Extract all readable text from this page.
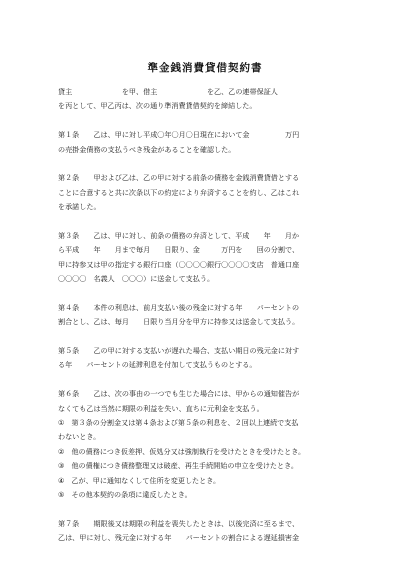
準金銭消費貸借契約書
貸主　　　　　　　を甲、借主　　　　　　　を乙、乙の連帯保証人
を丙として、甲乙丙は、次の通り準消費貸借契約を締結した。
第１条　　乙は、甲に対し平成〇年〇月〇日現在において金　　　　　万円
の売掛金債務の支払うべき残金があることを確認した。
第２条　　甲および乙は、乙の甲に対する前条の債務を金銭消費貸借とする
ことに合意すると共に次条以下の約定により弁済することを約し、乙はこれ
を承諾した。
第３条　　乙は、甲に対し、前条の債務の弁済として、平成　　年　　月か
ら平成　　年　　月まで毎月　　日限り、金　　　万円を　　回の分割で、
甲に持参又は甲の指定する銀行口座（〇〇〇〇銀行〇〇〇〇支店　普通口座
〇〇〇〇　名義人　〇〇〇）に送金して支払う。
第４条　　本件の利息は、前月支払い後の残金に対する年　　パーセントの
割合とし、乙は、毎月　　日限り当月分を甲方に持参又は送金して支払う。
第５条　　乙の甲に対する支払いが遅れた場合、支払い期日の残元金に対す
る年　　パーセントの延滞利息を付加して支払うものとする。
第６条　　乙は、次の事由の一つでも生じた場合には、甲からの通知催告が
なくても乙は当然に期限の利益を失い、直ちに元利金を支払う。
①　第３条の分割金又は第４条および第５条の利息を、２回以上連続で支払
わないとき。
②　他の債務につき仮差押、仮処分又は強制執行を受けたときを受けたとき。
③　他の債権につき債務整理又は破産、再生手続開始の申立を受けたとき。
④　乙が、甲に通知なくして住所を変更したとき。
⑤　その他本契約の条項に違反したとき。
第７条　　期限後又は期限の利益を喪失したときは、以後完済に至るまで、
乙は、甲に対し、残元金に対する年　　パーセントの割合による遅延損害金
